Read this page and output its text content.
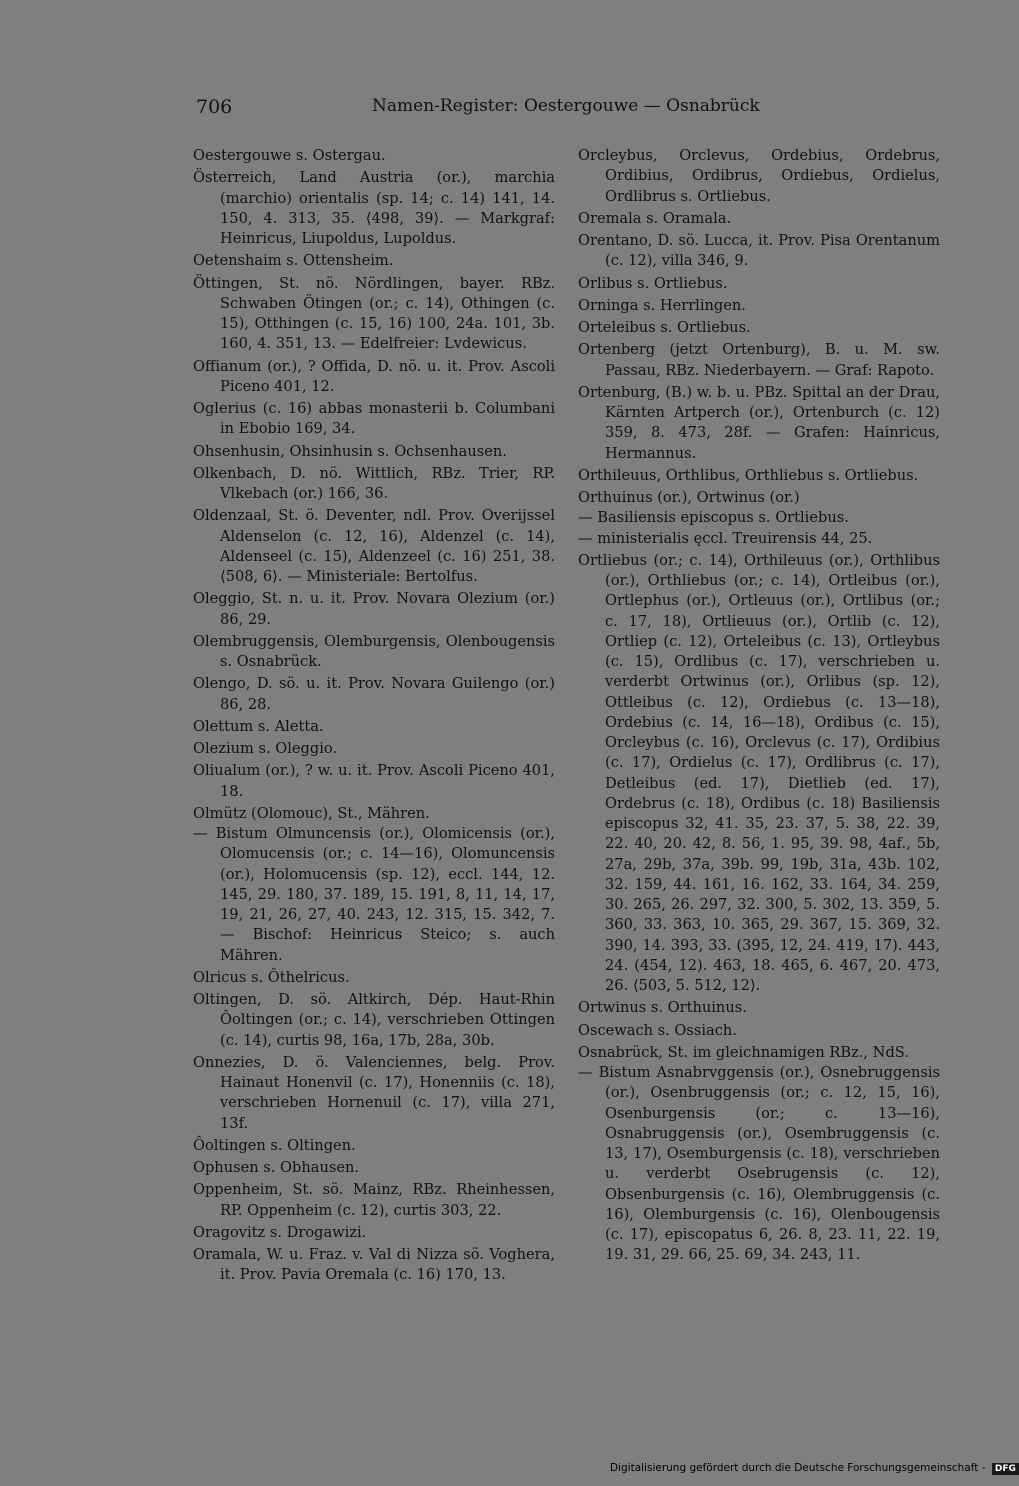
706	Namen-Register: Oestergouwe — Osnabrück

Oestergouwe s. Ostergau.

Österreich, Land Austria (or.), marchia (marchio) orientalis (sp. 14; c. 14) 141, 14. 150, 4. 313, 35. ⟨498, 39⟩. — Markgraf: Heinricus, Liupoldus, Lupoldus.

Oetenshaim s. Ottensheim.

Öttingen, St. nö. Nördlingen, bayer. RBz. Schwaben Ötingen (or.; c. 14), Othingen (c. 15), Otthingen (c. 15, 16) 100, 24a. 101, 3b. 160, 4. 351, 13. — Edelfreier: Lvdewicus.

Offianum (or.), ? Offida, D. nö. u. it. Prov. Ascoli Piceno 401, 12.

Oglerius (c. 16) abbas monasterii b. Columbani in Ebobio 169, 34.

Ohsenhusin, Ohsinhusin s. Ochsenhausen.

Olkenbach, D. nö. Wittlich, RBz. Trier, RP. Vlkebach (or.) 166, 36.

Oldenzaal, St. ö. Deventer, ndl. Prov. Overijssel Aldenselon (c. 12, 16), Aldenzel (c. 14), Aldenseel (c. 15), Aldenzeel (c. 16) 251, 38. ⟨508, 6⟩. — Ministeriale: Bertolfus.

Oleggio, St. n. u. it. Prov. Novara Olezium (or.) 86, 29.

Olembruggensis, Olemburgensis, Olenbougensis s. Osnabrück.

Olengo, D. sö. u. it. Prov. Novara Guilengo (or.) 86, 28.

Olettum s. Aletta.

Olezium s. Oleggio.

Oliualum (or.), ? w. u. it. Prov. Ascoli Piceno 401, 18.

Olmütz (Olomouc), St., Mähren.

— Bistum Olmuncensis (or.), Olomicensis (or.), Olomucensis (or.; c. 14—16), Olomuncensis (or.), Holomucensis (sp. 12), eccl. 144, 12. 145, 29. 180, 37. 189, 15. 191, 8, 11, 14, 17, 19, 21, 26, 27, 40. 243, 12. 315, 15. 342, 7. — Bischof: Heinricus Steico; s. auch Mähren.

Olricus s. Ôthelricus.

Oltingen, D. sö. Altkirch, Dép. Haut-Rhin Ôoltingen (or.; c. 14), verschrieben Ottingen (c. 14), curtis 98, 16a, 17b, 28a, 30b.

Onnezies, D. ö. Valenciennes, belg. Prov. Hainaut Honenvil (c. 17), Honenniis (c. 18), verschrieben Hornenuil (c. 17), villa 271, 13f.

Ôoltingen s. Oltingen.

Ophusen s. Obhausen.

Oppenheim, St. sö. Mainz, RBz. Rheinhessen, RP. Oppenheim (c. 12), curtis 303, 22.

Oragovitz s. Drogawizi.

Oramala, W. u. Fraz. v. Val di Nizza sö. Voghera, it. Prov. Pavia Oremala (c. 16) 170, 13.

Orcleybus, Orclevus, Ordebius, Ordebrus, Ordibius, Ordibrus, Ordiebus, Ordielus, Ordlibrus s. Ortliebus.

Oremala s. Oramala.

Orentano, D. sö. Lucca, it. Prov. Pisa Orentanum (c. 12), villa 346, 9.

Orlibus s. Ortliebus.

Orninga s. Herrlingen.

Orteleibus s. Ortliebus.

Ortenberg (jetzt Ortenburg), B. u. M. sw. Passau, RBz. Niederbayern. — Graf: Rapoto.

Ortenburg, (B.) w. b. u. PBz. Spittal an der Drau, Kärnten Artperch (or.), Ortenburch (c. 12) 359, 8. 473, 28f. — Grafen: Hainricus, Hermannus.

Orthileuus, Orthlibus, Orthliebus s. Ortliebus.

Orthuinus (or.), Ortwinus (or.)

— Basiliensis episcopus s. Ortliebus.

— ministerialis ęccl. Treuirensis 44, 25.

Ortliebus (or.; c. 14), Orthileuus (or.), Orthlibus (or.), Orthliebus (or.; c. 14), Ortleibus (or.), Ortlephus (or.), Ortleuus (or.), Ortlibus (or.; c. 17, 18), Ortlieuus (or.), Ortlib (c. 12), Ortliep (c. 12), Orteleibus (c. 13), Ortleybus (c. 15), Ordlibus (c. 17), verschrieben u. verderbt Ortwinus (or.), Orlibus (sp. 12), Ottleibus (c. 12), Ordiebus (c. 13—18), Ordebius (c. 14, 16—18), Ordibus (c. 15), Orcleybus (c. 16), Orclevus (c. 17), Ordibius (c. 17), Ordielus (c. 17), Ordlibrus (c. 17), Detleibus (ed. 17), Dietlieb (ed. 17), Ordebrus (c. 18), Ordibus (c. 18) Basiliensis episcopus 32, 41. 35, 23. 37, 5. 38, 22. 39, 22. 40, 20. 42, 8. 56, 1. 95, 39. 98, 4af., 5b, 27a, 29b, 37a, 39b. 99, 19b, 31a, 43b. 102, 32. 159, 44. 161, 16. 162, 33. 164, 34. 259, 30. 265, 26. 297, 32. 300, 5. 302, 13. 359, 5. 360, 33. 363, 10. 365, 29. 367, 15. 369, 32. 390, 14. 393, 33. (395, 12, 24. 419, 17). 443, 24. (454, 12). 463, 18. 465, 6. 467, 20. 473, 26. ⟨503, 5. 512, 12⟩.

Ortwinus s. Orthuinus.

Oscewach s. Ossiach.

Osnabrück, St. im gleichnamigen RBz., NdS.

— Bistum Asnabrvggensis (or.), Osnebruggensis (or.), Osenbruggensis (or.; c. 12, 15, 16), Osenburgensis (or.; c. 13—16), Osnabruggensis (or.), Osembruggensis (c. 13, 17), Osemburgensis (c. 18), verschrieben u. verderbt Osebrugensis (c. 12), Obsenburgensis (c. 16), Olembruggensis (c. 16), Olemburgensis (c. 16), Olenbougensis (c. 17), episcopatus 6, 26. 8, 23. 11, 22. 19, 19. 31, 29. 66, 25. 69, 34. 243, 11.

Digitalisierung gefördert durch die Deutsche Forschungsgemeinschaft - DFG
